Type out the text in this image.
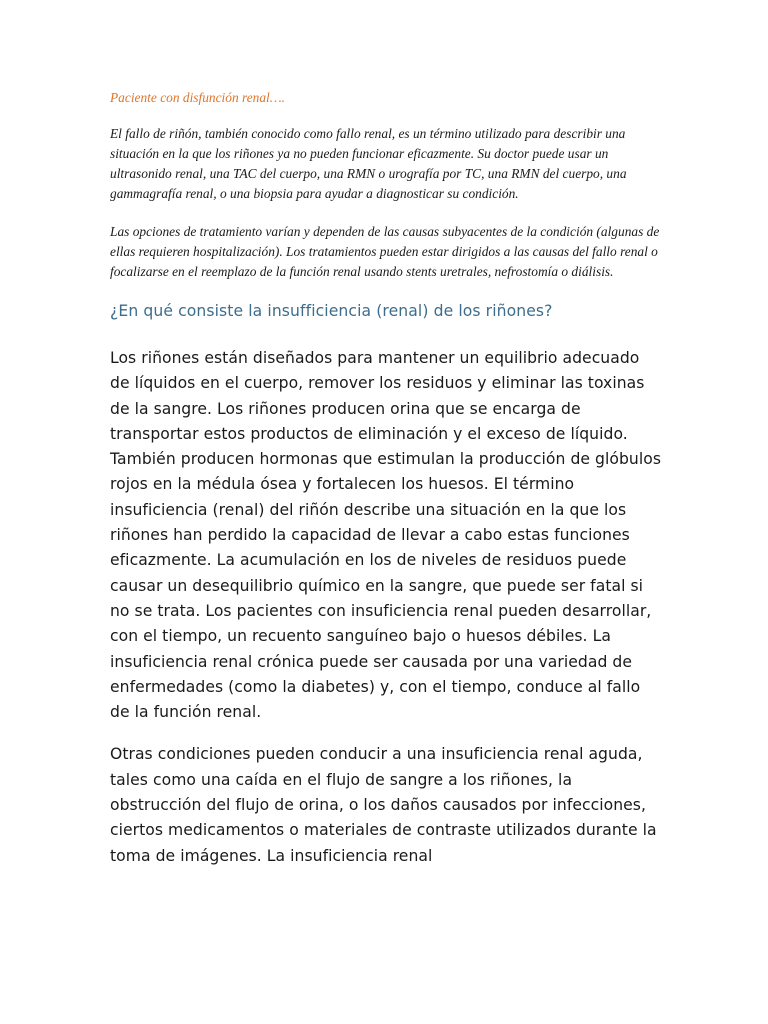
Paciente con disfunción renal….

El fallo de riñón, también conocido como fallo renal, es un término utilizado para describir una situación en la que los riñones ya no pueden funcionar eficazmente. Su doctor puede usar un ultrasonido renal, una TAC del cuerpo, una RMN o urografía por TC, una RMN del cuerpo, una gammagrafía renal, o una biopsia para ayudar a diagnosticar su condición.

Las opciones de tratamiento varían y dependen de las causas subyacentes de la condición (algunas de ellas requieren hospitalización). Los tratamientos pueden estar dirigidos a las causas del fallo renal o focalizarse en el reemplazo de la función renal usando stents uretrales, nefrostomía o diálisis.

¿En qué consiste la insufficiencia (renal) de los riñones?

Los riñones están diseñados para mantener un equilibrio adecuado de líquidos en el cuerpo, remover los residuos y eliminar las toxinas de la sangre. Los riñones producen orina que se encarga de transportar estos productos de eliminación y el exceso de líquido. También producen hormonas que estimulan la producción de glóbulos rojos en la médula ósea y fortalecen los huesos. El término insuficiencia (renal) del riñón describe una situación en la que los riñones han perdido la capacidad de llevar a cabo estas funciones eficazmente. La acumulación en los de niveles de residuos puede causar un desequilibrio químico en la sangre, que puede ser fatal si no se trata. Los pacientes con insuficiencia renal pueden desarrollar, con el tiempo, un recuento sanguíneo bajo o huesos débiles. La insuficiencia renal crónica puede ser causada por una variedad de enfermedades (como la diabetes) y, con el tiempo, conduce al fallo de la función renal.

Otras condiciones pueden conducir a una insuficiencia renal aguda, tales como una caída en el flujo de sangre a los riñones, la obstrucción del flujo de orina, o los daños causados por infecciones, ciertos medicamentos o materiales de contraste utilizados durante la toma de imágenes. La insuficiencia renal
